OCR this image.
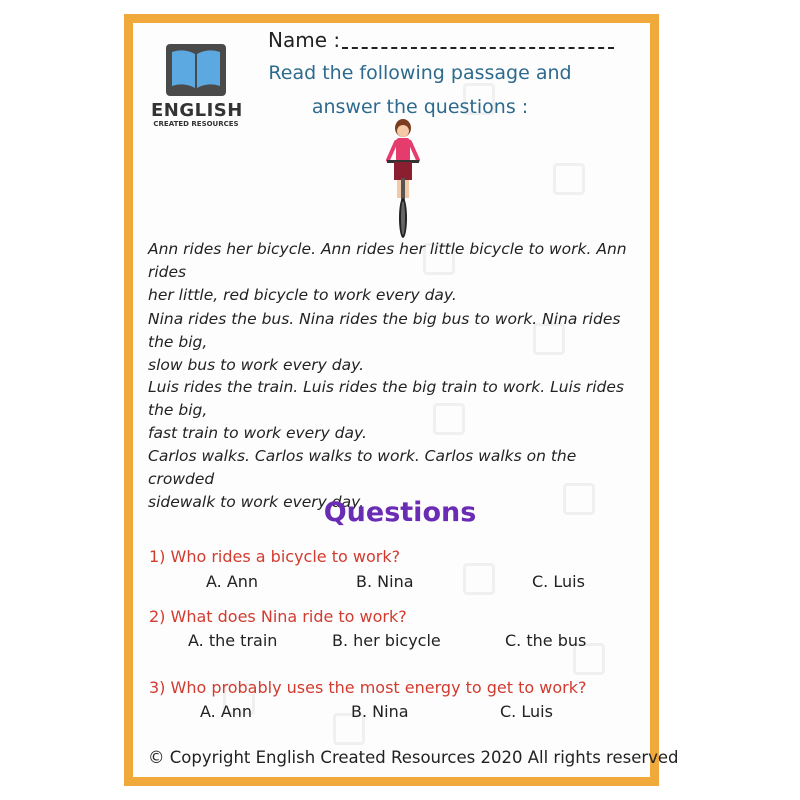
ENGLISH
CREATED RESOURCES
Name :
Read the following passage and
answer the questions :

Ann rides her bicycle. Ann rides her little bicycle to work. Ann rides
her little, red bicycle to work every day.

Nina rides the bus. Nina rides the big bus to work. Nina rides the big,
slow bus to work every day.

Luis rides the train. Luis rides the big train to work. Luis rides the big,
fast train to work every day.

Carlos walks. Carlos walks to work. Carlos walks on the crowded
sidewalk to work every day.

Questions
1) Who rides a bicycle to work?
A. Ann	B. Nina	C. Luis
2) What does Nina ride to work?
A. the train	B. her bicycle	C. the bus
3) Who probably uses the most energy to get to work?
A. Ann	B. Nina	C. Luis
© Copyright English Created Resources 2020 All rights reserved
